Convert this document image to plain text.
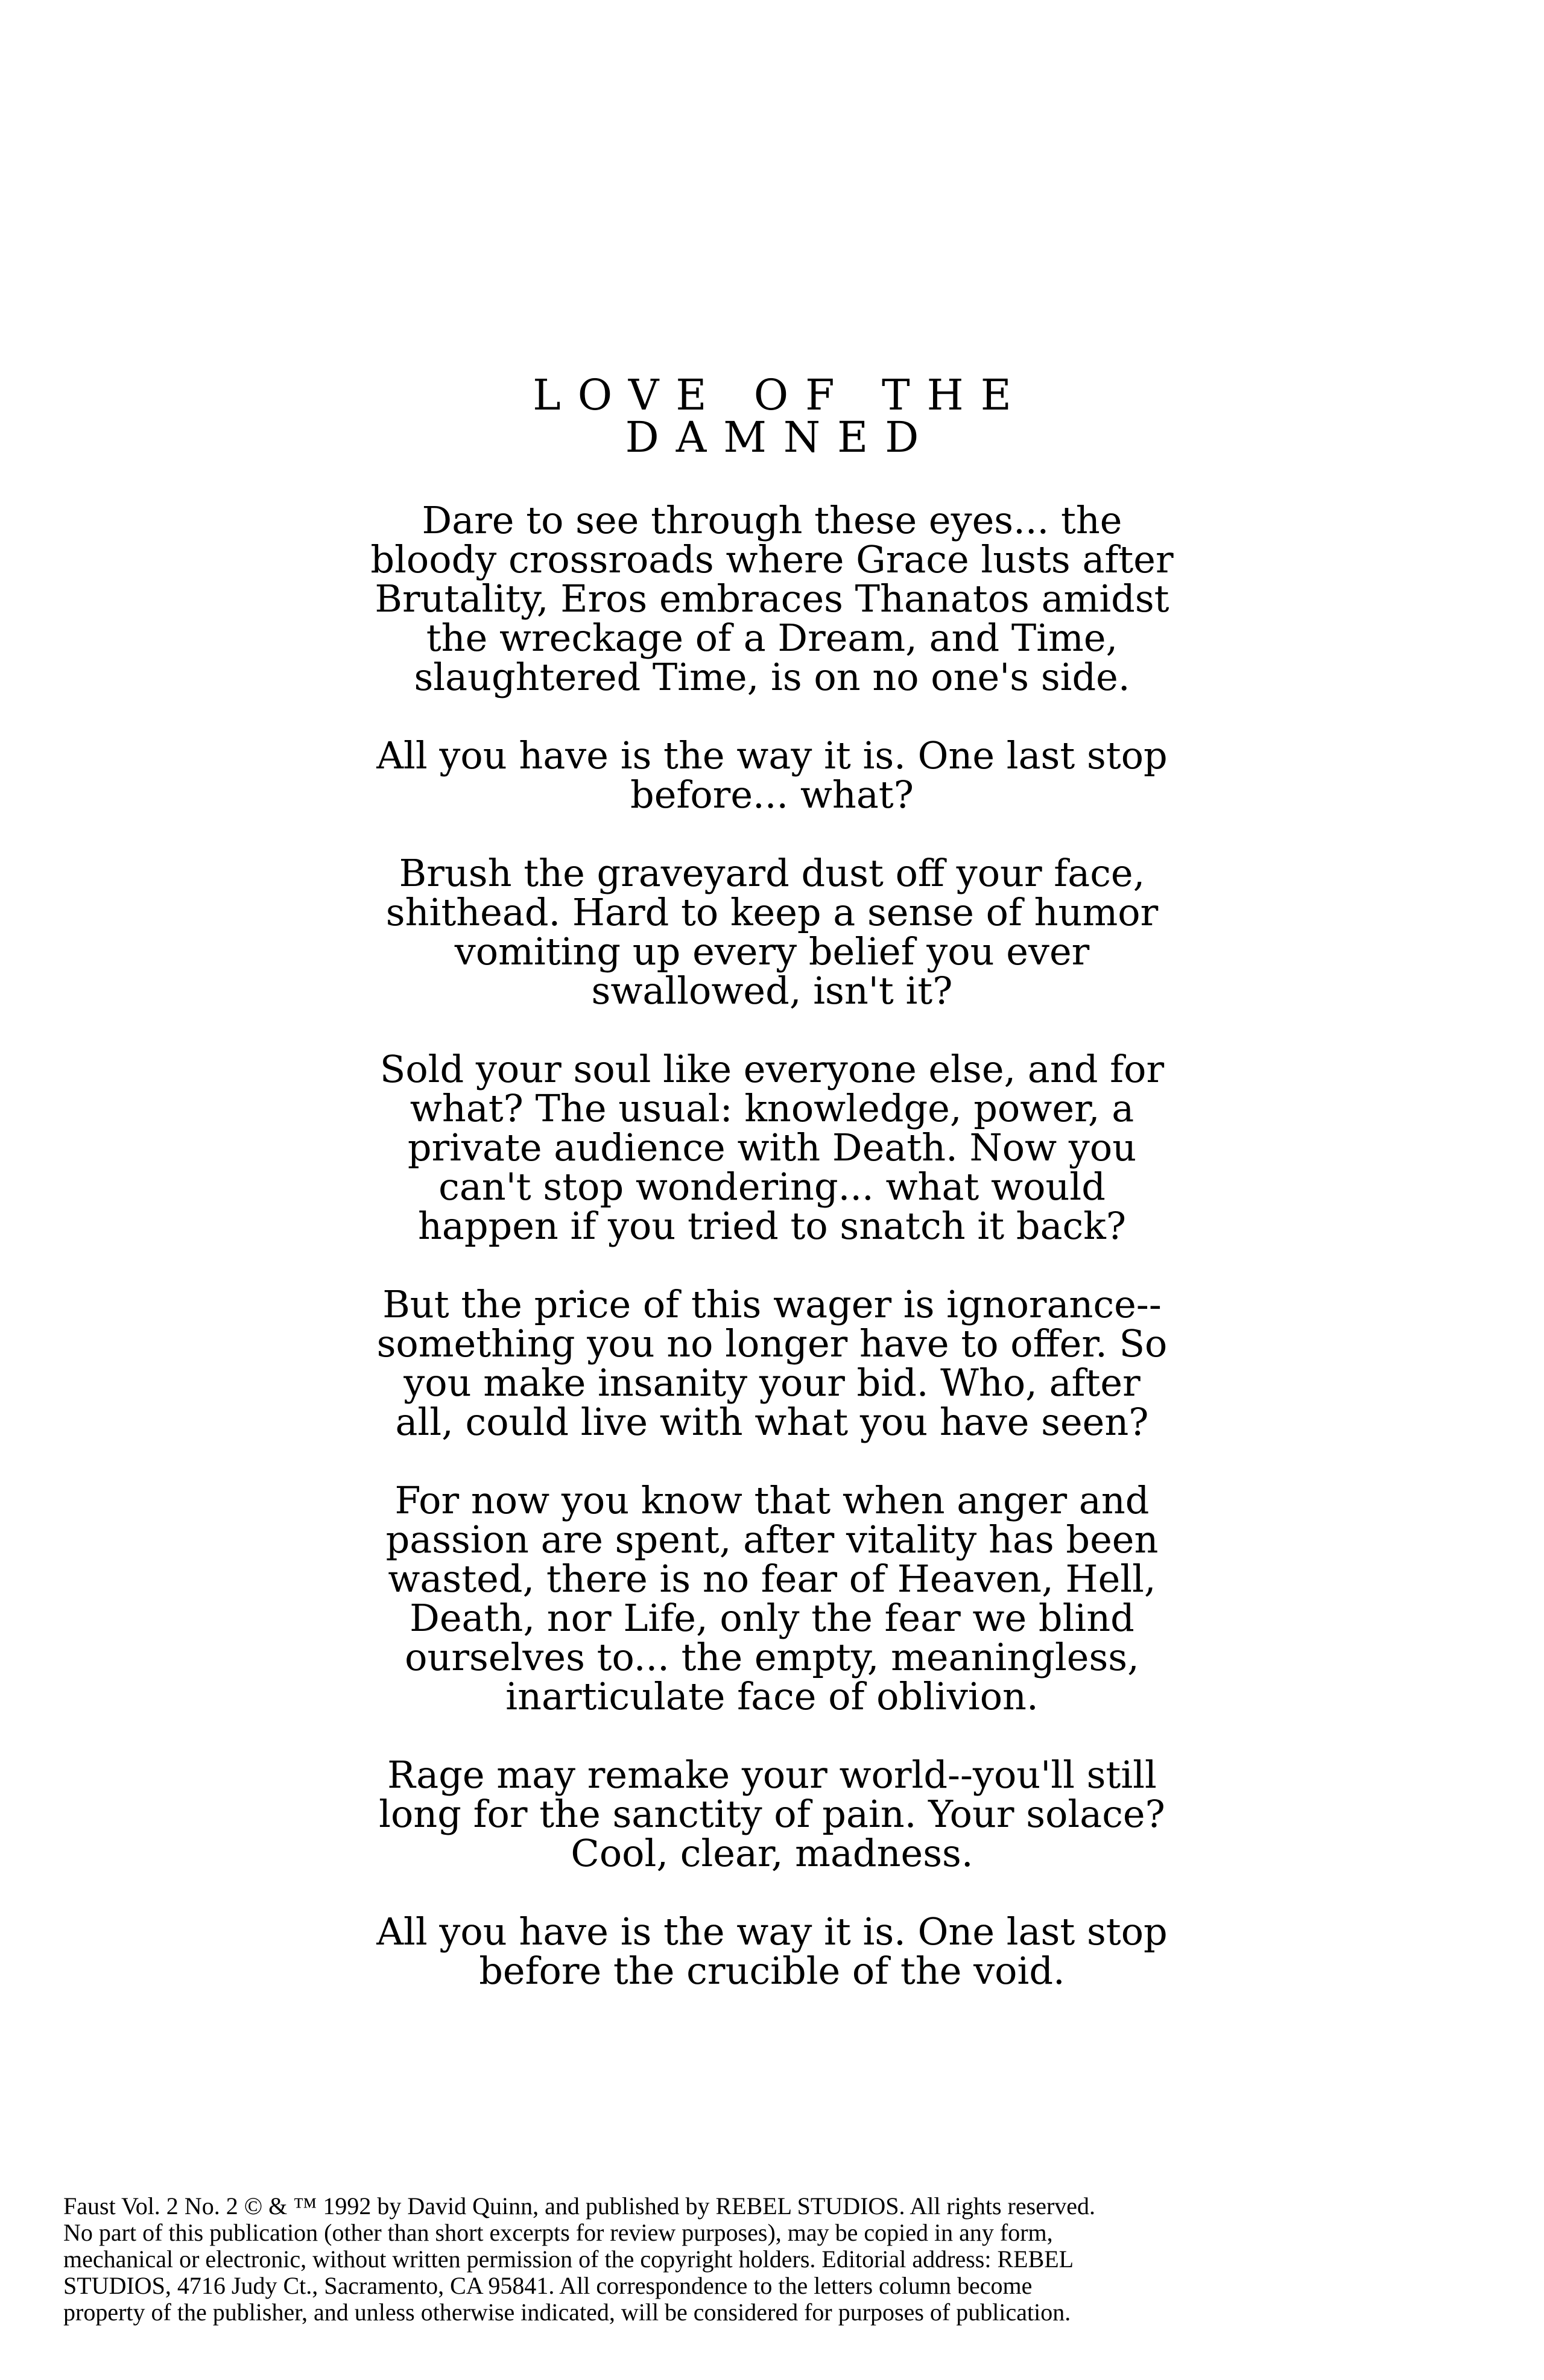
LOVE OF THE DAMNED

Dare to see through these eyes... the
bloody crossroads where Grace lusts after
Brutality, Eros embraces Thanatos amidst
the wreckage of a Dream, and Time,
slaughtered Time, is on no one's side.

All you have is the way it is. One last stop
before... what?

Brush the graveyard dust off your face,
shithead. Hard to keep a sense of humor
vomiting up every belief you ever
swallowed, isn't it?

Sold your soul like everyone else, and for
what? The usual: knowledge, power, a
private audience with Death. Now you
can't stop wondering... what would
happen if you tried to snatch it back?

But the price of this wager is ignorance--
something you no longer have to offer. So
you make insanity your bid. Who, after
all, could live with what you have seen?

For now you know that when anger and
passion are spent, after vitality has been
wasted, there is no fear of Heaven, Hell,
Death, nor Life, only the fear we blind
ourselves to... the empty, meaningless,
inarticulate face of oblivion.

Rage may remake your world--you'll still
long for the sanctity of pain. Your solace?
Cool, clear, madness.

All you have is the way it is. One last stop
before the crucible of the void.

Faust Vol. 2 No. 2 © & ™ 1992 by David Quinn, and published by REBEL STUDIOS. All rights reserved.
No part of this publication (other than short excerpts for review purposes), may be copied in any form,
mechanical or electronic, without written permission of the copyright holders. Editorial address: REBEL
STUDIOS, 4716 Judy Ct., Sacramento, CA 95841. All correspondence to the letters column become
property of the publisher, and unless otherwise indicated, will be considered for purposes of publication.
